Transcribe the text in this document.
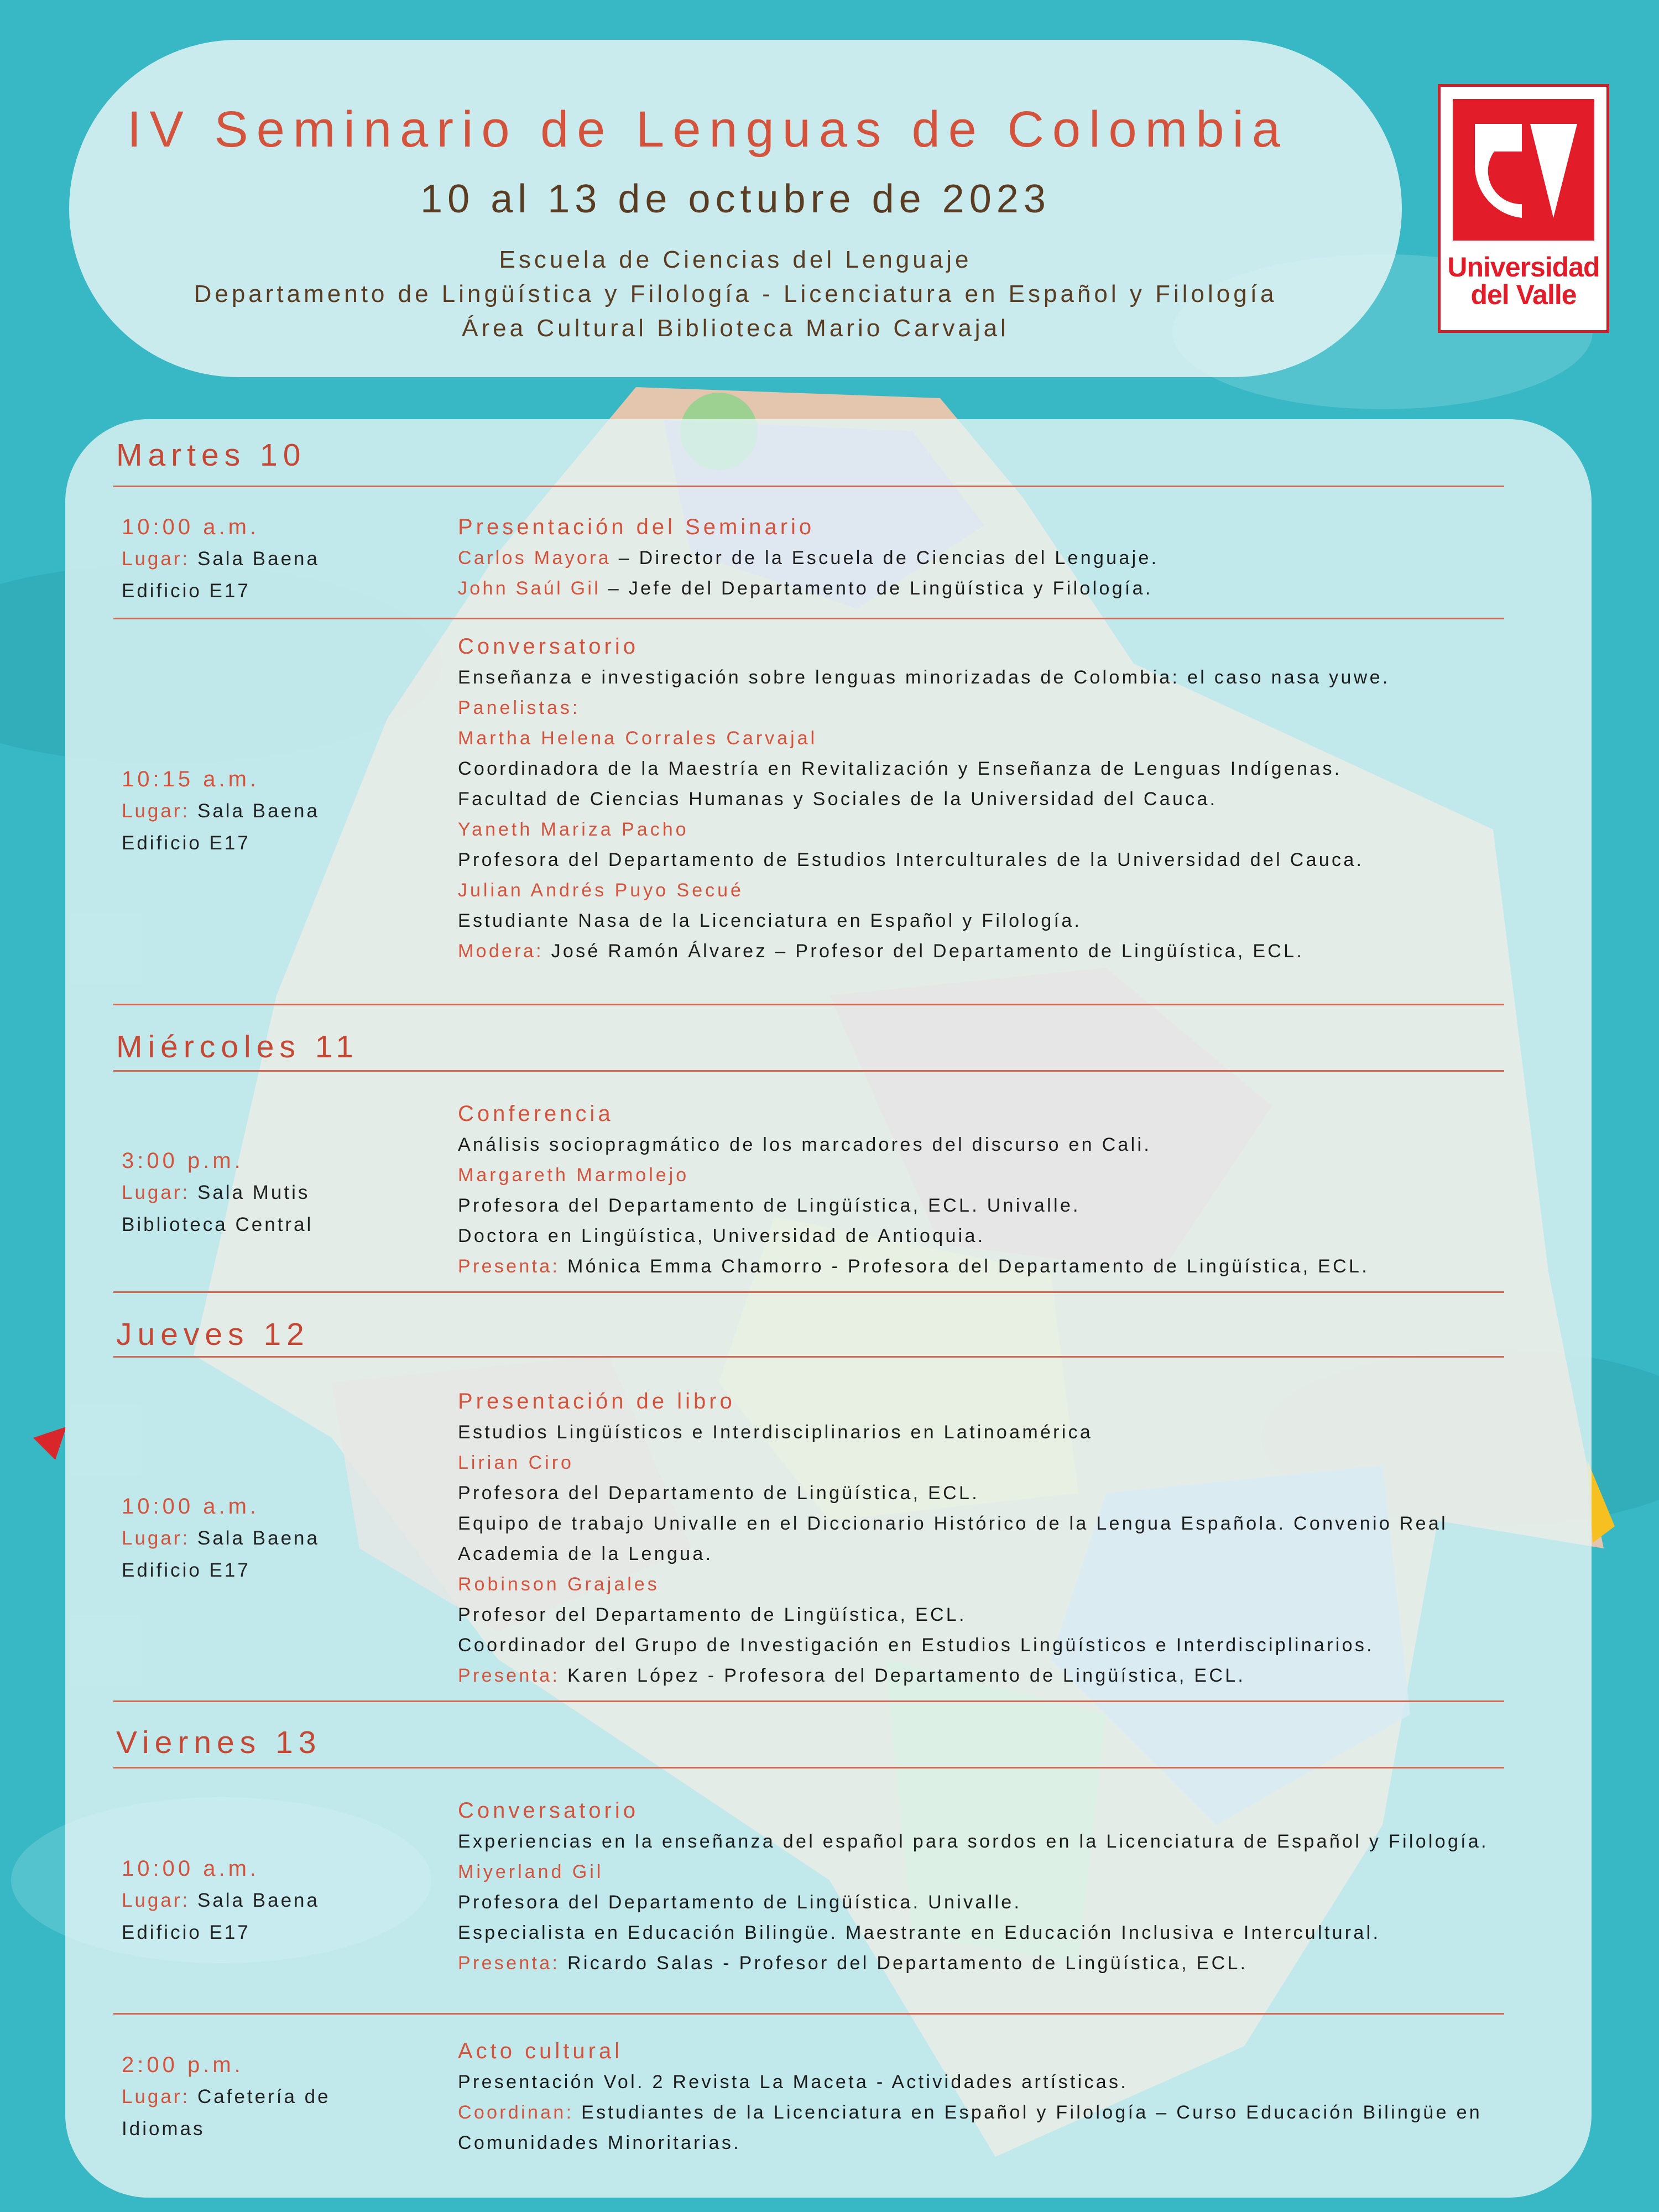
IV Seminario de Lenguas de Colombia
10 al 13 de octubre de 2023
Escuela de Ciencias del Lenguaje
Departamento de Lingüística y Filología - Licenciatura en Español y Filología
Área Cultural Biblioteca Mario Carvajal
Universidad
del Valle
Martes 10
10:00 a.m.
Lugar: Sala Baena
Edificio E17
Presentación del Seminario
Carlos Mayora – Director de la Escuela de Ciencias del Lenguaje.
John Saúl Gil – Jefe del Departamento de Lingüística y Filología.
10:15 a.m.
Lugar: Sala Baena
Edificio E17
Conversatorio
Enseñanza e investigación sobre lenguas minorizadas de Colombia: el caso nasa yuwe.
Panelistas:
Martha Helena Corrales Carvajal
Coordinadora de la Maestría en Revitalización y Enseñanza de Lenguas Indígenas.
Facultad de Ciencias Humanas y Sociales de la Universidad del Cauca.
Yaneth Mariza Pacho
Profesora del Departamento de Estudios Interculturales de la Universidad del Cauca.
Julian Andrés Puyo Secué
Estudiante Nasa de la Licenciatura en Español y Filología.
Modera: José Ramón Álvarez – Profesor del Departamento de Lingüística, ECL.
Miércoles 11
3:00 p.m.
Lugar: Sala Mutis
Biblioteca Central
Conferencia
Análisis sociopragmático de los marcadores del discurso en Cali.
Margareth Marmolejo
Profesora del Departamento de Lingüística, ECL. Univalle.
Doctora en Lingüística, Universidad de Antioquia.
Presenta: Mónica Emma Chamorro - Profesora del Departamento de Lingüística, ECL.
Jueves 12
10:00 a.m.
Lugar: Sala Baena
Edificio E17
Presentación de libro
Estudios Lingüísticos e Interdisciplinarios en Latinoamérica
Lirian Ciro
Profesora del Departamento de Lingüística, ECL.
Equipo de trabajo Univalle en el Diccionario Histórico de la Lengua Española. Convenio Real Academia de la Lengua.
Robinson Grajales
Profesor del Departamento de Lingüística, ECL.
Coordinador del Grupo de Investigación en Estudios Lingüísticos e Interdisciplinarios.
Presenta: Karen López - Profesora del Departamento de Lingüística, ECL.
Viernes 13
10:00 a.m.
Lugar: Sala Baena
Edificio E17
Conversatorio
Experiencias en la enseñanza del español para sordos en la Licenciatura de Español y Filología.
Miyerland Gil
Profesora del Departamento de Lingüística. Univalle.
Especialista en Educación Bilingüe. Maestrante en Educación Inclusiva e Intercultural.
Presenta: Ricardo Salas - Profesor del Departamento de Lingüística, ECL.
2:00 p.m.
Lugar: Cafetería de Idiomas
Acto cultural
Presentación Vol. 2 Revista La Maceta - Actividades artísticas.
Coordinan: Estudiantes de la Licenciatura en Español y Filología – Curso Educación Bilingüe en Comunidades Minoritarias.
